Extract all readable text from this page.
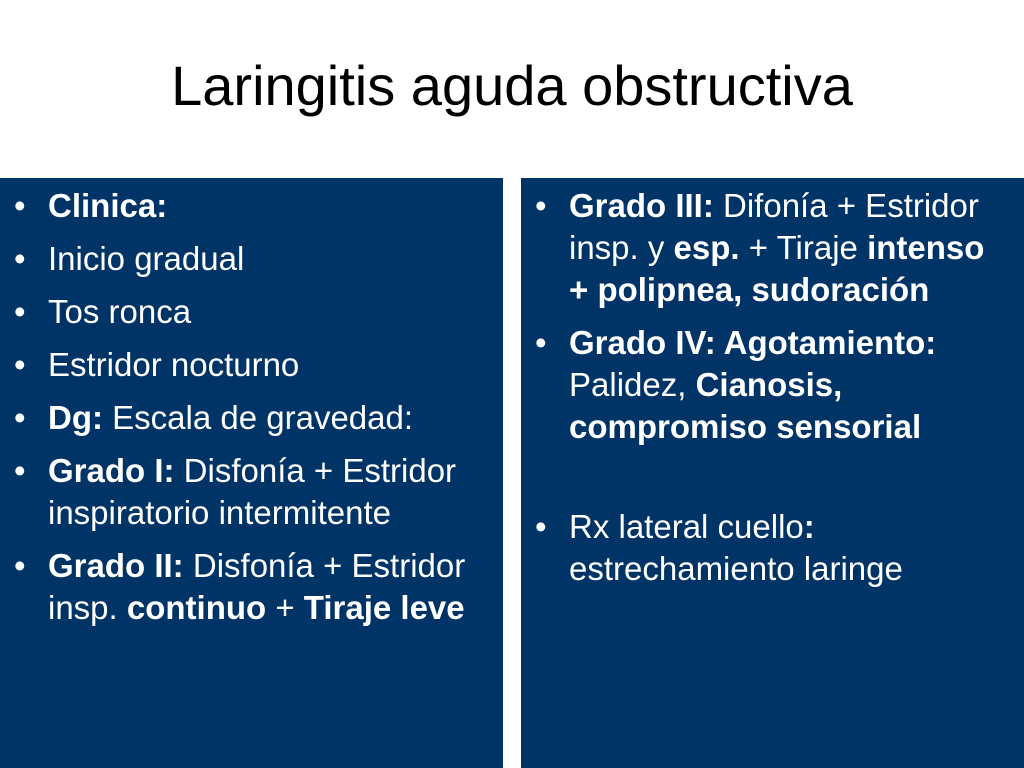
Laringitis aguda obstructiva
• Clinica:
• Inicio gradual
• Tos ronca
• Estridor nocturno
• Dg: Escala de gravedad:
• Grado I: Disfonía + Estridor inspiratorio intermitente
• Grado II: Disfonía + Estridor insp. continuo + Tiraje leve
• Grado III: Difonía + Estridor insp. y esp. + Tiraje intenso + polipnea, sudoración
• Grado IV: Agotamiento: Palidez, Cianosis, compromiso sensorial
• Rx lateral cuello: estrechamiento laringe
